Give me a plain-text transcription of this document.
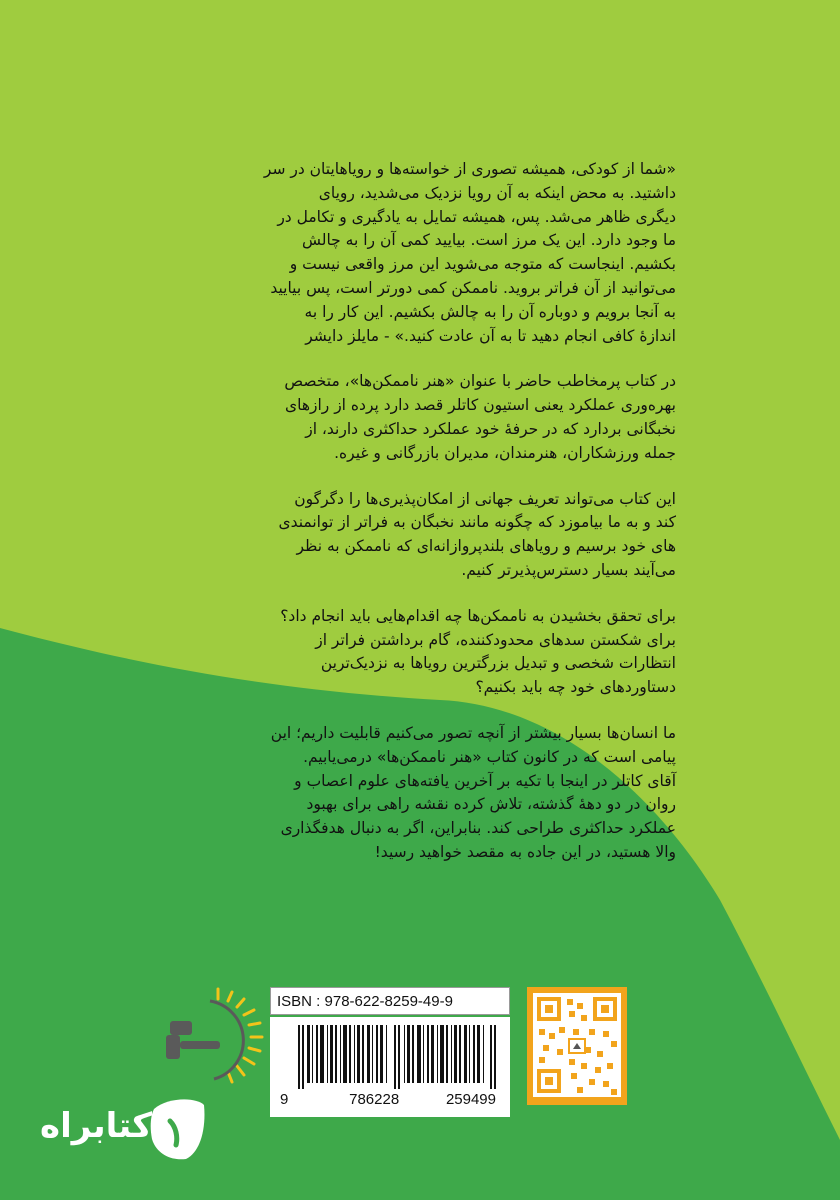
«شما از کودکی، همیشه تصوری از خواسته‌ها و رویاهایتان در سر
داشتید. به محض اینکه به آن رویا نزدیک می‌شدید، رویای
دیگری ظاهر می‌شد. پس، همیشه تمایل به یادگیری و تکامل در
ما وجود دارد. این یک مرز است. بیایید کمی آن را به چالش
بکشیم. اینجاست که متوجه می‌شوید این مرز واقعی نیست و
می‌توانید از آن فراتر بروید. ناممکن کمی دورتر است، پس بیایید
به آنجا برویم و دوباره آن را به چالش بکشیم. این کار را به
اندازهٔ کافی انجام دهید تا به آن عادت کنید.» - مایلز دایشر

در کتاب پرمخاطب حاضر با عنوان «هنر ناممکن‌ها»، متخصص
بهره‌وری عملکرد یعنی استیون کاتلر قصد دارد پرده از رازهای
نخبگانی بردارد که در حرفهٔ خود عملکرد حداکثری دارند، از
جمله ورزشکاران، هنرمندان، مدیران بازرگانی و غیره.

این کتاب می‌تواند تعریف جهانی از امکان‌پذیری‌ها را دگرگون
کند و به ما بیاموزد که چگونه مانند نخبگان به فراتر از توانمندی
های خود برسیم و رویاهای بلندپروازانه‌ای که ناممکن به نظر
می‌آیند بسیار دسترس‌پذیرتر کنیم.

برای تحقق بخشیدن به ناممکن‌ها چه اقدام‌هایی باید انجام داد؟
برای شکستن سدهای محدودکننده، گام برداشتن فراتر از
انتظارات شخصی و تبدیل بزرگترین رویاها به نزدیک‌ترین
دستاوردهای خود چه باید بکنیم؟

ما انسان‌ها بسیار بیشتر از آنچه تصور می‌کنیم قابلیت داریم؛ این
پیامی است که در کانون کتاب «هنر ناممکن‌ها» درمی‌یابیم.
آقای کاتلر در اینجا با تکیه بر آخرین یافته‌های علوم اعصاب و
روان در دو دههٔ گذشته، تلاش کرده نقشه راهی برای بهبود
عملکرد حداکثری طراحی کند. بنابراین، اگر به دنبال هدفگذاری
والا هستید، در این جاده به مقصد خواهید رسید!

کتابراه
ISBN : 978-622-8259-49-9
9	786228	259499
